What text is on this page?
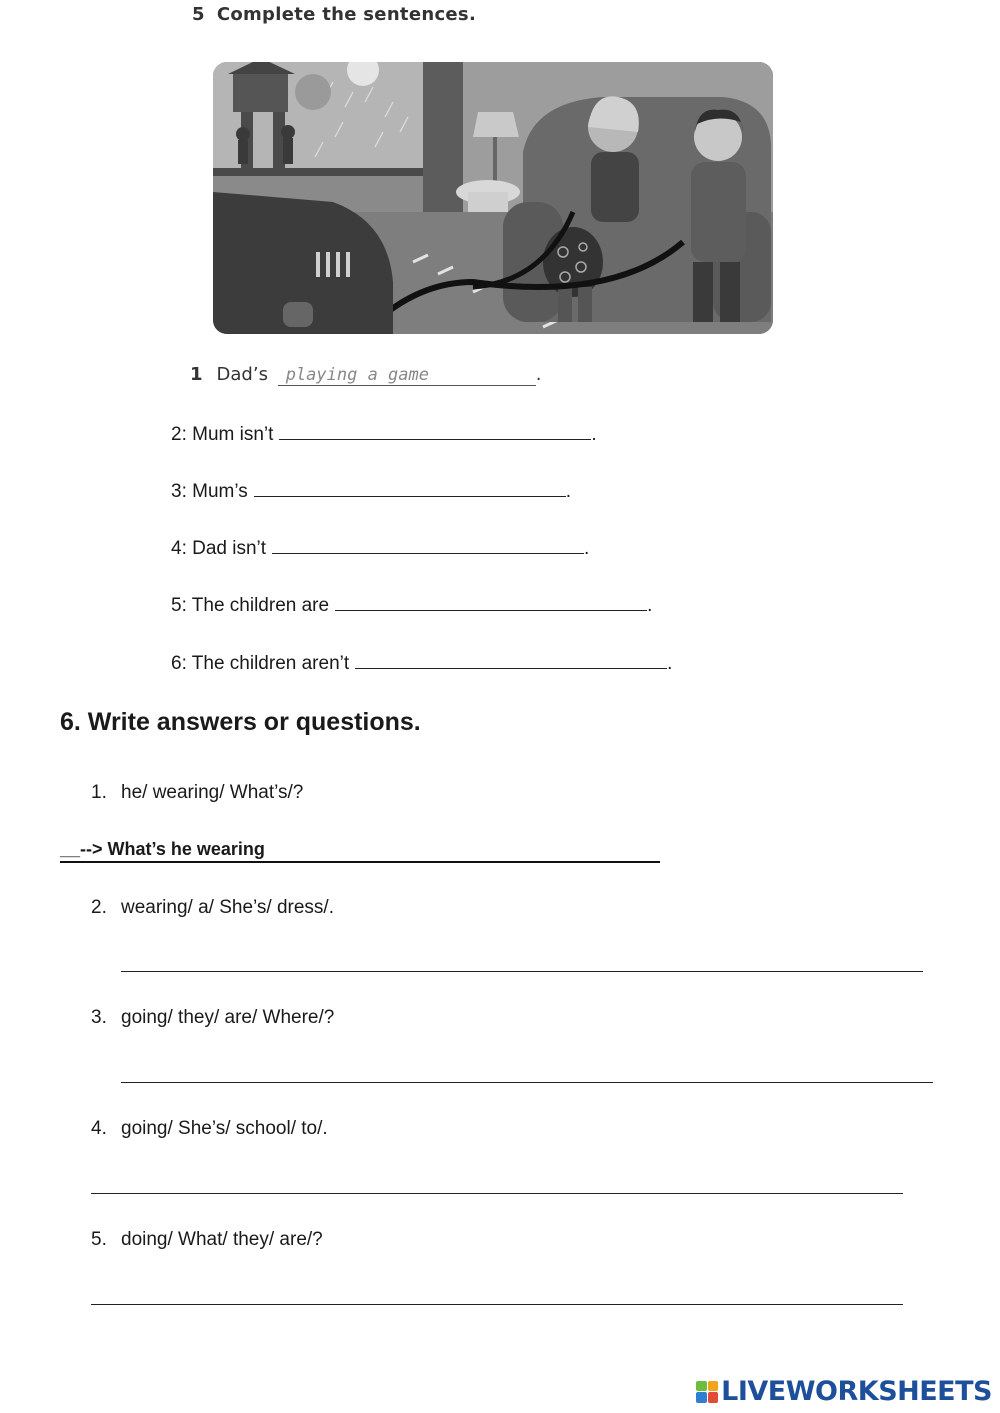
5 Complete the sentences.
1 Dad’s playing a game	.
2: Mum isn’t	.
3: Mum’s	.
4: Dad isn’t	.
5: The children are	.
6: The children aren’t	.
6. Write answers or questions.
1. he/ wearing/ What’s/?
__--> What’s he wearing
2. wearing/ a/ She’s/ dress/.
3. going/ they/ are/ Where/?
4. going/ She’s/ school/ to/.
5. doing/ What/ they/ are/?
LIVEWORKSHEETS
